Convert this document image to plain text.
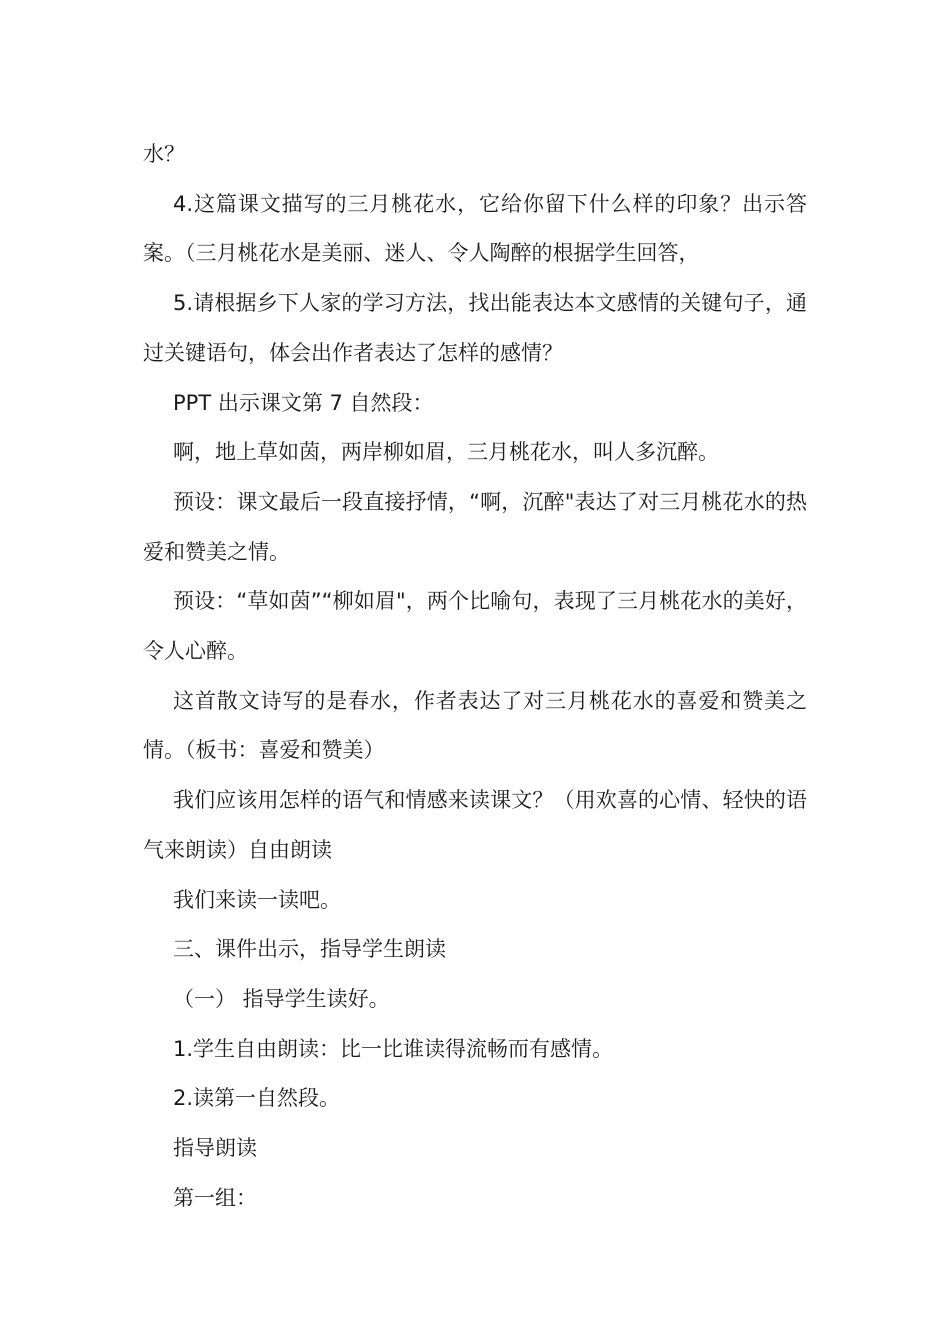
水？

4.这篇课文描写的三月桃花水，它给你留下什么样的印象？出示答案。（三月桃花水是美丽、迷人、令人陶醉的根据学生回答，

5.请根据乡下人家的学习方法，找出能表达本文感情的关键句子，通过关键语句，体会出作者表达了怎样的感情？

PPT 出示课文第 7 自然段：

啊，地上草如茵，两岸柳如眉，三月桃花水，叫人多沉醉。

预设：课文最后一段直接抒情，“啊，沉醉"表达了对三月桃花水的热爱和赞美之情。

预设：“草如茵”“柳如眉"，两个比喻句，表现了三月桃花水的美好，令人心醉。

这首散文诗写的是春水，作者表达了对三月桃花水的喜爱和赞美之情。（板书：喜爱和赞美）

我们应该用怎样的语气和情感来读课文？（用欢喜的心情、轻快的语气来朗读）自由朗读

我们来读一读吧。

三、课件出示，指导学生朗读

（一） 指导学生读好。

1.学生自由朗读：比一比谁读得流畅而有感情。

2.读第一自然段。

指导朗读

第一组：
